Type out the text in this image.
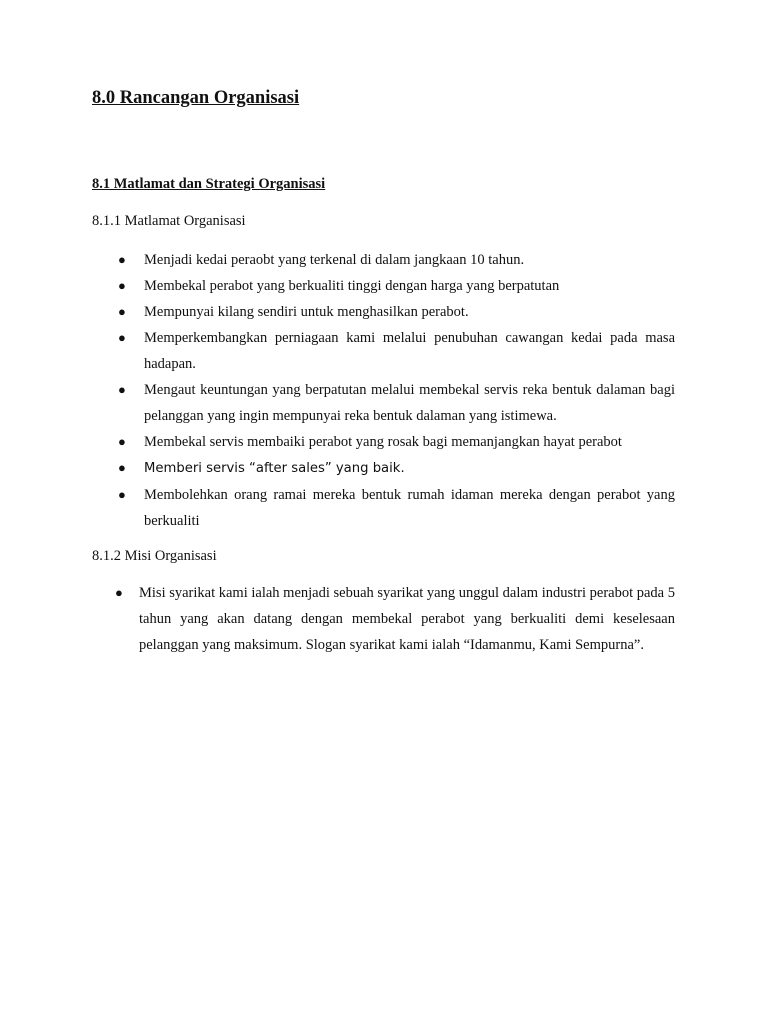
8.0 Rancangan Organisasi
8.1 Matlamat dan Strategi Organisasi
8.1.1 Matlamat Organisasi
● Menjadi kedai peraobt yang terkenal di dalam jangkaan 10 tahun.
● Membekal perabot yang berkualiti tinggi dengan harga yang berpatutan
● Mempunyai kilang sendiri untuk menghasilkan perabot.
● Memperkembangkan perniagaan kami melalui penubuhan cawangan kedai pada masa hadapan.
● Mengaut keuntungan yang berpatutan melalui membekal servis reka bentuk dalaman bagi pelanggan yang ingin mempunyai reka bentuk dalaman yang istimewa.
● Membekal servis membaiki perabot yang rosak bagi memanjangkan hayat perabot
● Memberi servis “after sales” yang baik.
● Membolehkan orang ramai mereka bentuk rumah idaman mereka dengan perabot yang berkualiti
8.1.2 Misi Organisasi
● Misi syarikat kami ialah menjadi sebuah syarikat yang unggul dalam industri perabot pada 5 tahun yang akan datang dengan membekal perabot yang berkualiti demi keselesaan pelanggan yang maksimum. Slogan syarikat kami ialah “Idamanmu, Kami Sempurna”.
